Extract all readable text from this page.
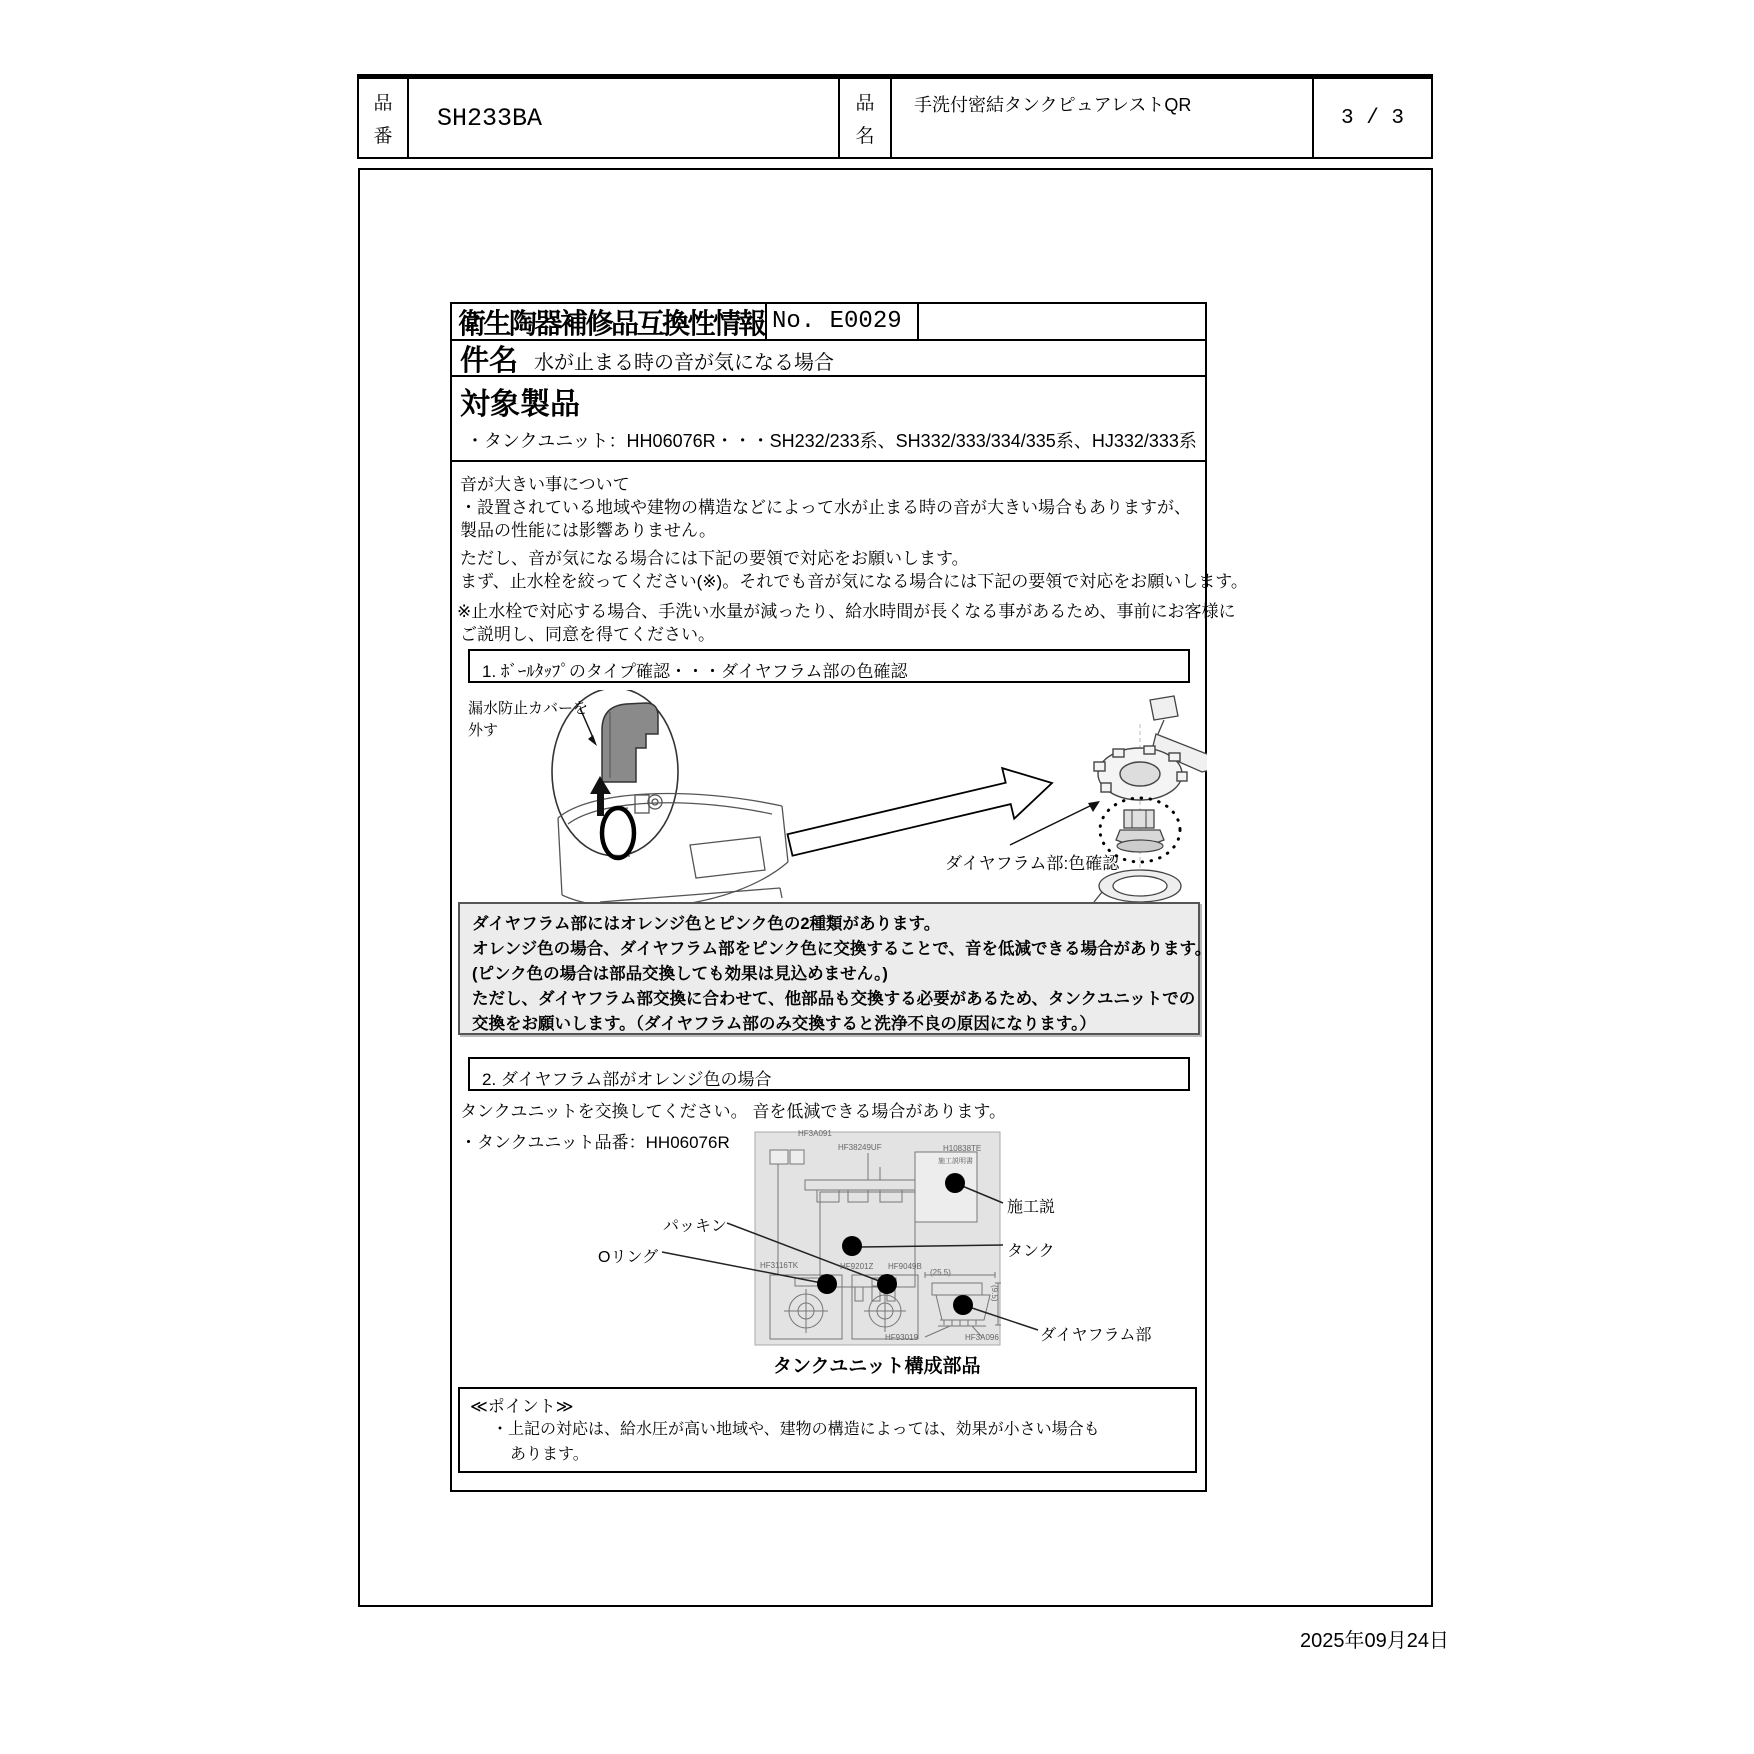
品
番
SH233BA	品
名
手洗付密結タンクピュアレストQR
3 / 3
衛生陶器補修品互換性情報 No. E0029
件名 水が止まる時の音が気になる場合
対象製品
・タンクユニット：HH06076R・・・SH232/233系、SH332/333/334/335系、HJ332/333系
音が大きい事について
・設置されている地域や建物の構造などによって水が止まる時の音が大きい場合もありますが、
製品の性能には影響ありません。
ただし、音が気になる場合には下記の要領で対応をお願いします。
まず、止水栓を絞ってください(※)。それでも音が気になる場合には下記の要領で対応をお願いします。
※止水栓で対応する場合、手洗い水量が減ったり、給水時間が長くなる事があるため、事前にお客様に
ご説明し、同意を得てください。
1. ﾎﾞｰﾙﾀｯﾌﾟのタイプ確認・・・ダイヤフラム部の色確認
漏水防止カバーを
外す
ダイヤフラム部:色確認
ダイヤフラム部にはオレンジ色とピンク色の2種類があります。
オレンジ色の場合、ダイヤフラム部をピンク色に交換することで、音を低減できる場合があります。
(ピンク色の場合は部品交換しても効果は見込めません。)
ただし、ダイヤフラム部交換に合わせて、他部品も交換する必要があるため、タンクユニットでの
交換をお願いします。（ダイヤフラム部のみ交換すると洗浄不良の原因になります。）
2. ダイヤフラム部がオレンジ色の場合
タンクユニットを交換してください。 音を低減できる場合があります。
・タンクユニット品番：HH06076R
パッキン
Oリング
施工説
タンク
ダイヤフラム部
タンクユニット構成部品
HF3A091
HF38249UF	H10838TE
HF3116TK	HF9201Z HF9049B
HF93019	HF3A096
(25.5)
(9.5)
施工説明書
≪ポイント≫
・上記の対応は、給水圧が高い地域や、建物の構造によっては、効果が小さい場合も
あります。
2025年09月24日
